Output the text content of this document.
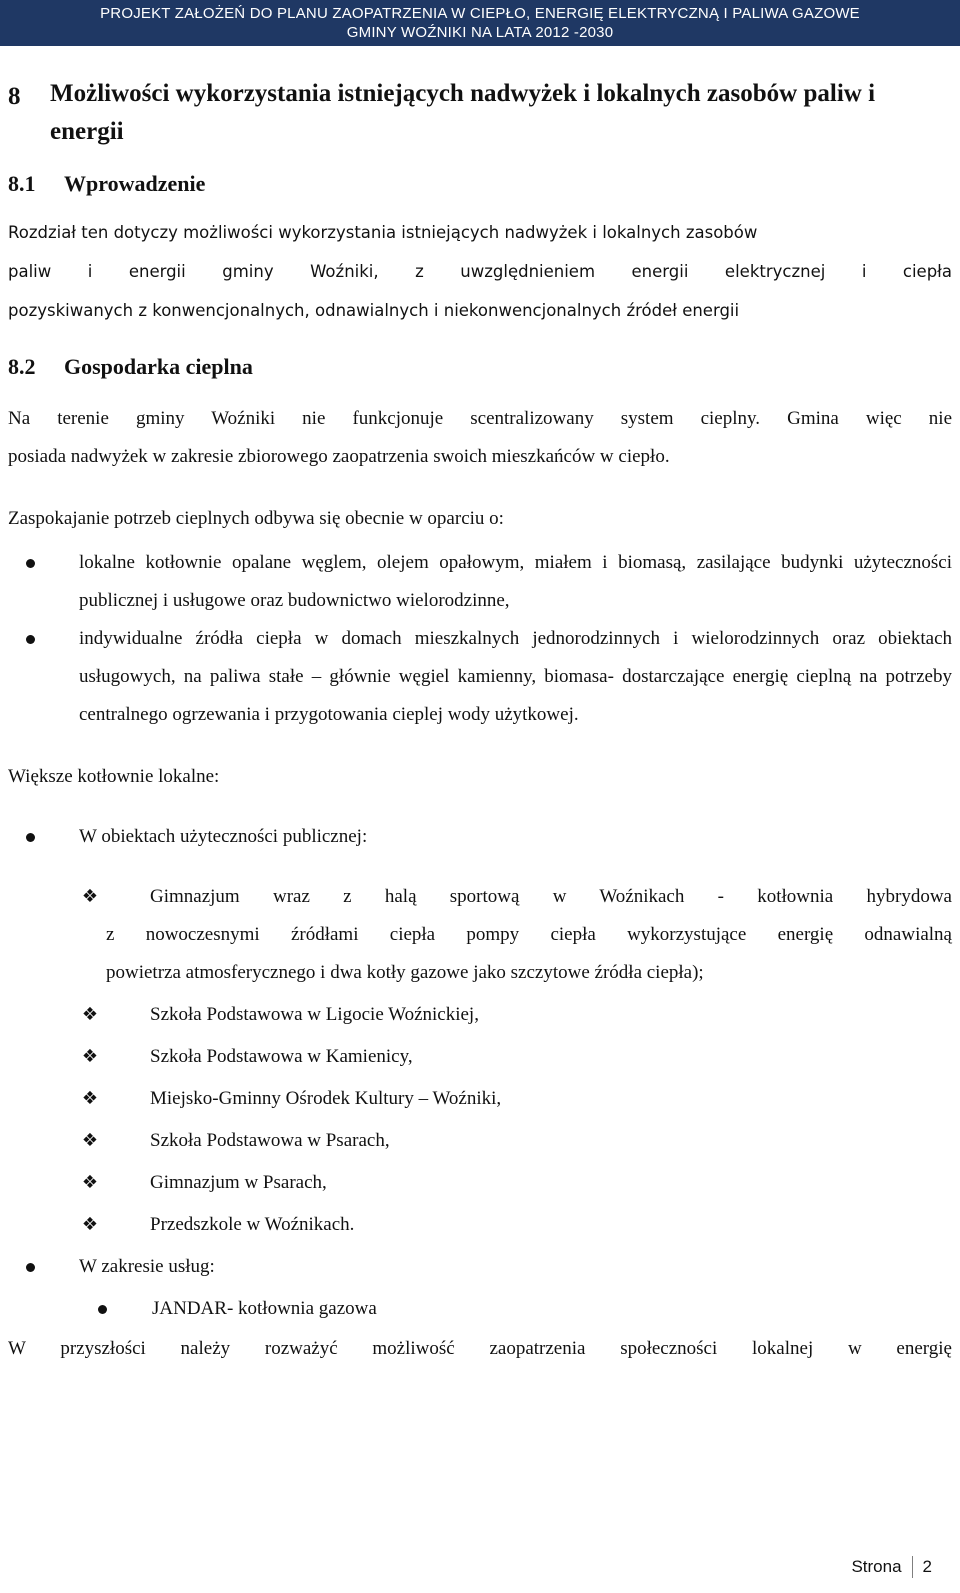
PROJEKT ZAŁOŻEŃ DO PLANU ZAOPATRZENIA W CIEPŁO, ENERGIĘ ELEKTRYCZNĄ I PALIWA GAZOWE
GMINY WOŹNIKI NA LATA 2012 -2030
8	Możliwości wykorzystania istniejących nadwyżek i lokalnych zasobów paliw i energii
8.1 Wprowadzenie

Rozdział ten dotyczy możliwości wykorzystania istniejących nadwyżek i lokalnych zasobów

paliw i energii gminy Woźniki, z uwzględnieniem energii elektrycznej i ciepła

pozyskiwanych z konwencjonalnych, odnawialnych i niekonwencjonalnych źródeł energii

8.2 Gospodarka cieplna

Na terenie gminy Woźniki nie funkcjonuje scentralizowany system cieplny. Gmina więc nie

posiada nadwyżek w zakresie zbiorowego zaopatrzenia swoich mieszkańców w ciepło.

Zaspokajanie potrzeb cieplnych odbywa się obecnie w oparciu o:

lokalne kotłownie opalane węglem, olejem opałowym, miałem i biomasą, zasilające budynki użyteczności publicznej i usługowe oraz budownictwo wielorodzinne,

indywidualne źródła ciepła w domach mieszkalnych jednorodzinnych i wielorodzinnych oraz obiektach usługowych, na paliwa stałe – głównie węgiel kamienny, biomasa- dostarczające energię cieplną na potrzeby centralnego ogrzewania i przygotowania cieplej wody użytkowej.

Większe kotłownie lokalne:

W obiektach użyteczności publicznej:

❖	Gimnazjum wraz z halą sportową w Woźnikach - kotłownia hybrydowa

z nowoczesnymi źródłami ciepła pompy ciepła wykorzystujące energię odnawialną

powietrza atmosferycznego i dwa kotły gazowe jako szczytowe źródła ciepła);

❖	Szkoła Podstawowa w Ligocie Woźnickiej,

❖	Szkoła Podstawowa w Kamienicy,

❖	Miejsko-Gminny Ośrodek Kultury – Woźniki,

❖	Szkoła Podstawowa w Psarach,

❖	Gimnazjum w Psarach,

❖	Przedszkole w Woźnikach.

W zakresie usług:

JANDAR- kotłownia gazowa

W przyszłości należy rozważyć możliwość zaopatrzenia społeczności lokalnej w energię

Strona 2
